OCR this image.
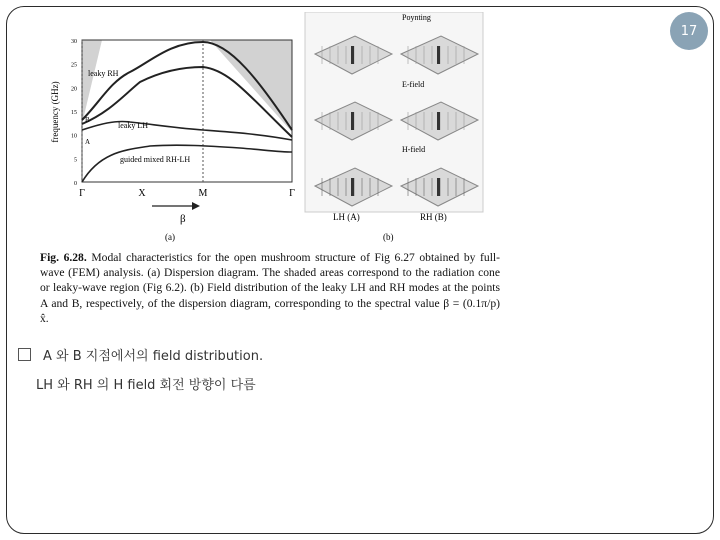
17
0
5
10
15
20
25
30
Γ	X	M	Γ
frequency (GHz)
leaky RH
leaky LH
guided mixed RH-LH
B
A
β
(a)
Poynting
E-field
H-field
LH (A)	RH (B)
(b)
Fig. 6.28. Modal characteristics for the open mushroom structure of Fig 6.27 obtained by full-wave (FEM) analysis. (a) Dispersion diagram. The shaded areas correspond to the radiation cone or leaky-wave region (Fig 6.2). (b) Field distribution of the leaky LH and RH modes at the points A and B, respectively, of the dispersion diagram, corresponding to the spectral value β = (0.1π/p) x̂.
A 와 B 지점에서의 field distribution.
LH 와 RH 의 H field 회전 방향이 다름
